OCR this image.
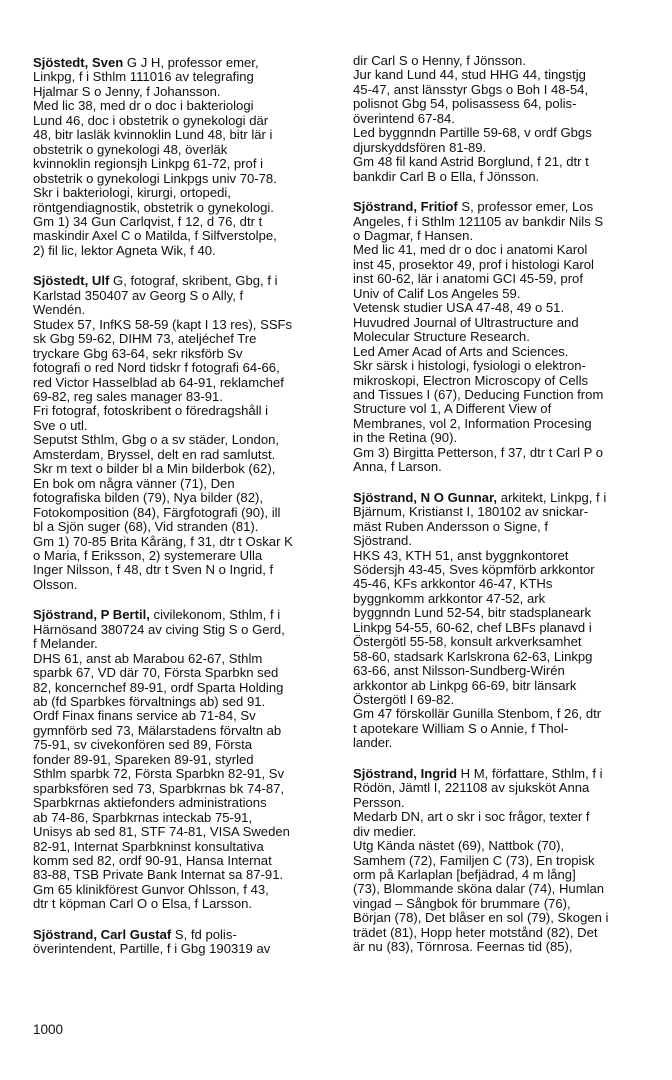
Sjöstedt, Sven G J H, professor emer,
Linkpg, f i Sthlm 111016 av telegrafing
Hjalmar S o Jenny, f Johansson.
Med lic 38, med dr o doc i bakteriologi
Lund 46, doc i obstetrik o gynekologi där
48, bitr lasläk kvinnoklin Lund 48, bitr lär i
obstetrik o gynekologi 48, överläk
kvinnoklin regionsjh Linkpg 61-72, prof i
obstetrik o gynekologi Linkpgs univ 70-78.
Skr i bakteriologi, kirurgi, ortopedi,
röntgendiagnostik, obstetrik o gynekologi.
Gm 1) 34 Gun Carlqvist, f 12, d 76, dtr t
maskindir Axel C o Matilda, f Silfverstolpe,
2) fil lic, lektor Agneta Wik, f 40.
Sjöstedt, Ulf G, fotograf, skribent, Gbg, f i
Karlstad 350407 av Georg S o Ally, f
Wendén.
Studex 57, InfKS 58-59 (kapt I 13 res), SSFs
sk Gbg 59-62, DIHM 73, ateljéchef Tre
tryckare Gbg 63-64, sekr riksförb Sv
fotografi o red Nord tidskr f fotografi 64-66,
red Victor Hasselblad ab 64-91, reklamchef
69-82, reg sales manager 83-91.
Fri fotograf, fotoskribent o föredragshåll i
Sve o utl.
Seputst Sthlm, Gbg o a sv städer, London,
Amsterdam, Bryssel, delt en rad samlutst.
Skr m text o bilder bl a Min bilderbok (62),
En bok om några vänner (71), Den
fotografiska bilden (79), Nya bilder (82),
Fotokomposition (84), Färgfotografi (90), ill
bl a Sjön suger (68), Vid stranden (81).
Gm 1) 70-85 Brita Kåräng, f 31, dtr t Oskar K
o Maria, f Eriksson, 2) systemerare Ulla
Inger Nilsson, f 48, dtr t Sven N o Ingrid, f
Olsson.
Sjöstrand, P Bertil, civilekonom, Sthlm, f i
Härnösand 380724 av civing Stig S o Gerd,
f Melander.
DHS 61, anst ab Marabou 62-67, Sthlm
sparbk 67, VD där 70, Första Sparbkn sed
82, koncernchef 89-91, ordf Sparta Holding
ab (fd Sparbkes förvaltnings ab) sed 91.
Ordf Finax finans service ab 71-84, Sv
gymnförb sed 73, Mälarstadens förvaltn ab
75-91, sv civekonfören sed 89, Första
fonder 89-91, Spareken 89-91, styrled
Sthlm sparbk 72, Första Sparbkn 82-91, Sv
sparbksfören sed 73, Sparbkrnas bk 74-87,
Sparbkrnas aktiefonders administrations
ab 74-86, Sparbkrnas inteckab 75-91,
Unisys ab sed 81, STF 74-81, VISA Sweden
82-91, Internat Sparbkninst konsultativa
komm sed 82, ordf 90-91, Hansa Internat
83-88, TSB Private Bank Internat sa 87-91.
Gm 65 klinikförest Gunvor Ohlsson, f 43,
dtr t köpman Carl O o Elsa, f Larsson.
Sjöstrand, Carl Gustaf S, fd polis-
överintendent, Partille, f i Gbg 190319 av
dir Carl S o Henny, f Jönsson.
Jur kand Lund 44, stud HHG 44, tingstjg
45-47, anst länsstyr Gbgs o Boh I 48-54,
polisnot Gbg 54, polisassess 64, polis-
överintend 67-84.
Led byggnndn Partille 59-68, v ordf Gbgs
djurskyddsfören 81-89.
Gm 48 fil kand Astrid Borglund, f 21, dtr t
bankdir Carl B o Ella, f Jönsson.
Sjöstrand, Fritiof S, professor emer, Los
Angeles, f i Sthlm 121105 av bankdir Nils S
o Dagmar, f Hansen.
Med lic 41, med dr o doc i anatomi Karol
inst 45, prosektor 49, prof i histologi Karol
inst 60-62, lär i anatomi GCI 45-59, prof
Univ of Calif Los Angeles 59.
Vetensk studier USA 47-48, 49 o 51.
Huvudred Journal of Ultrastructure and
Molecular Structure Research.
Led Amer Acad of Arts and Sciences.
Skr särsk i histologi, fysiologi o elektron-
mikroskopi, Electron Microscopy of Cells
and Tissues I (67), Deducing Function from
Structure vol 1, A Different View of
Membranes, vol 2, Information Procesing
in the Retina (90).
Gm 3) Birgitta Petterson, f 37, dtr t Carl P o
Anna, f Larson.
Sjöstrand, N O Gunnar, arkitekt, Linkpg, f i
Bjärnum, Kristianst I, 180102 av snickar-
mäst Ruben Andersson o Signe, f
Sjöstrand.
HKS 43, KTH 51, anst byggnkontoret
Södersjh 43-45, Sves köpmförb arkkontor
45-46, KFs arkkontor 46-47, KTHs
byggnkomm arkkontor 47-52, ark
byggnndn Lund 52-54, bitr stadsplaneark
Linkpg 54-55, 60-62, chef LBFs planavd i
Östergötl 55-58, konsult arkverksamhet
58-60, stadsark Karlskrona 62-63, Linkpg
63-66, anst Nilsson-Sundberg-Wirén
arkkontor ab Linkpg 66-69, bitr länsark
Östergötl I 69-82.
Gm 47 förskollär Gunilla Stenbom, f 26, dtr
t apotekare William S o Annie, f Thol-
lander.
Sjöstrand, Ingrid H M, författare, Sthlm, f i
Rödön, Jämtl I, 221108 av sjuksköt Anna
Persson.
Medarb DN, art o skr i soc frågor, texter f
div medier.
Utg Kända nästet (69), Nattbok (70),
Samhem (72), Familjen C (73), En tropisk
orm på Karlaplan [befjädrad, 4 m lång]
(73), Blommande sköna dalar (74), Humlan
vingad – Sångbok för brummare (76),
Början (78), Det blåser en sol (79), Skogen i
trädet (81), Hopp heter motstånd (82), Det
är nu (83), Törnrosa. Feernas tid (85),
1000
